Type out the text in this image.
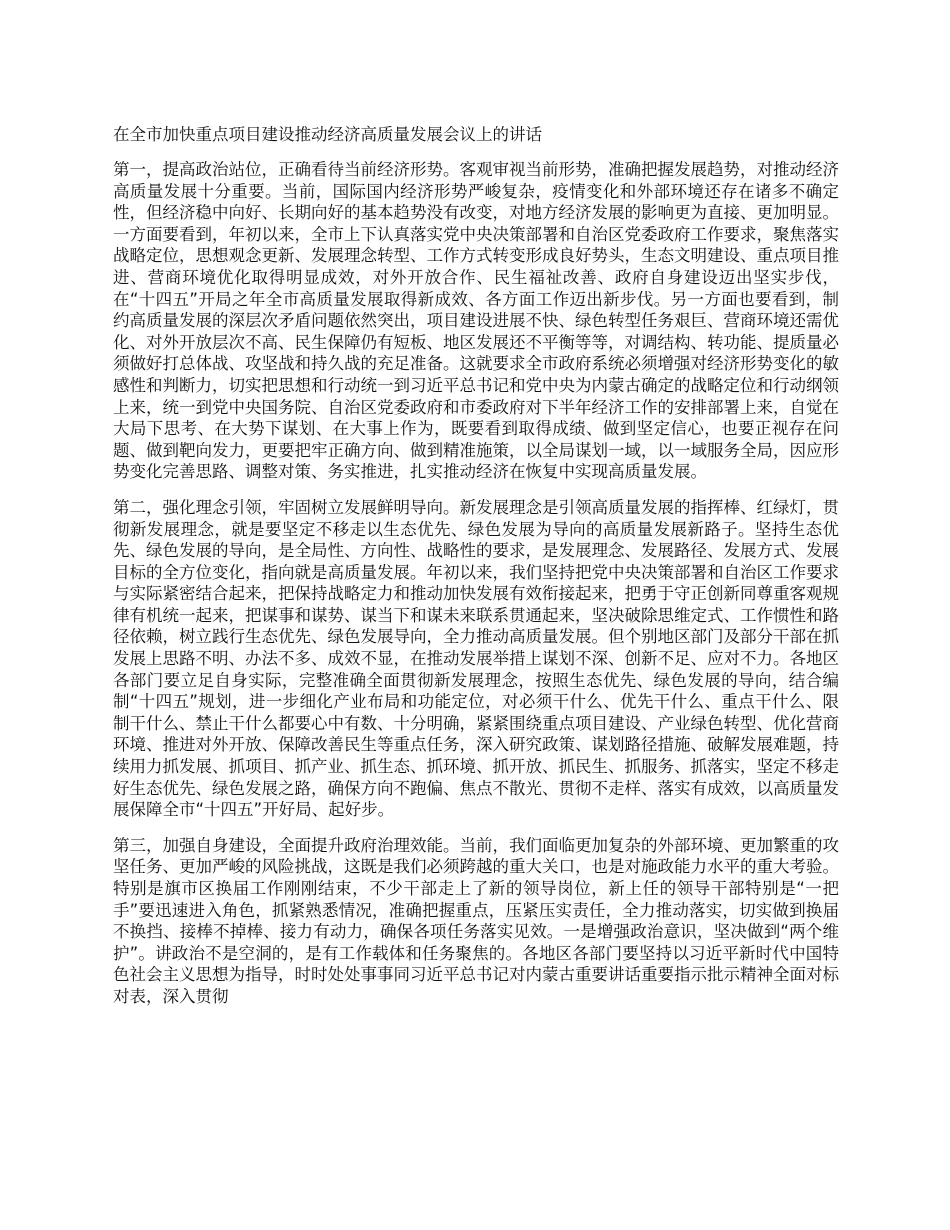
在全市加快重点项目建设推动经济高质量发展会议上的讲话

第一，提高政治站位，正确看待当前经济形势。客观审视当前形势，准确把握发展趋势，对推动经济高质量发展十分重要。当前，国际国内经济形势严峻复杂，疫情变化和外部环境还存在诸多不确定性，但经济稳中向好、长期向好的基本趋势没有改变，对地方经济发展的影响更为直接、更加明显。一方面要看到，年初以来，全市上下认真落实党中央决策部署和自治区党委政府工作要求，聚焦落实战略定位，思想观念更新、发展理念转型、工作方式转变形成良好势头，生态文明建设、重点项目推进、营商环境优化取得明显成效，对外开放合作、民生福祉改善、政府自身建设迈出坚实步伐，在“十四五”开局之年全市高质量发展取得新成效、各方面工作迈出新步伐。另一方面也要看到，制约高质量发展的深层次矛盾问题依然突出，项目建设进展不快、绿色转型任务艰巨、营商环境还需优化、对外开放层次不高、民生保障仍有短板、地区发展还不平衡等等，对调结构、转功能、提质量必须做好打总体战、攻坚战和持久战的充足准备。这就要求全市政府系统必须增强对经济形势变化的敏感性和判断力，切实把思想和行动统一到习近平总书记和党中央为内蒙古确定的战略定位和行动纲领上来，统一到党中央国务院、自治区党委政府和市委政府对下半年经济工作的安排部署上来，自觉在大局下思考、在大势下谋划、在大事上作为，既要看到取得成绩、做到坚定信心，也要正视存在问题、做到靶向发力，更要把牢正确方向、做到精准施策，以全局谋划一域，以一域服务全局，因应形势变化完善思路、调整对策、务实推进，扎实推动经济在恢复中实现高质量发展。

第二，强化理念引领，牢固树立发展鲜明导向。新发展理念是引领高质量发展的指挥棒、红绿灯，贯彻新发展理念，就是要坚定不移走以生态优先、绿色发展为导向的高质量发展新路子。坚持生态优先、绿色发展的导向，是全局性、方向性、战略性的要求，是发展理念、发展路径、发展方式、发展目标的全方位变化，指向就是高质量发展。年初以来，我们坚持把党中央决策部署和自治区工作要求与实际紧密结合起来，把保持战略定力和推动加快发展有效衔接起来，把勇于守正创新同尊重客观规律有机统一起来，把谋事和谋势、谋当下和谋未来联系贯通起来，坚决破除思维定式、工作惯性和路径依赖，树立践行生态优先、绿色发展导向，全力推动高质量发展。但个别地区部门及部分干部在抓发展上思路不明、办法不多、成效不显，在推动发展举措上谋划不深、创新不足、应对不力。各地区各部门要立足自身实际，完整准确全面贯彻新发展理念，按照生态优先、绿色发展的导向，结合编制“十四五”规划，进一步细化产业布局和功能定位，对必须干什么、优先干什么、重点干什么、限制干什么、禁止干什么都要心中有数、十分明确，紧紧围绕重点项目建设、产业绿色转型、优化营商环境、推进对外开放、保障改善民生等重点任务，深入研究政策、谋划路径措施、破解发展难题，持续用力抓发展、抓项目、抓产业、抓生态、抓环境、抓开放、抓民生、抓服务、抓落实，坚定不移走好生态优先、绿色发展之路，确保方向不跑偏、焦点不散光、贯彻不走样、落实有成效，以高质量发展保障全市“十四五”开好局、起好步。

第三，加强自身建设，全面提升政府治理效能。当前，我们面临更加复杂的外部环境、更加繁重的攻坚任务、更加严峻的风险挑战，这既是我们必须跨越的重大关口，也是对施政能力水平的重大考验。特别是旗市区换届工作刚刚结束，不少干部走上了新的领导岗位，新上任的领导干部特别是“一把手”要迅速进入角色，抓紧熟悉情况，准确把握重点，压紧压实责任，全力推动落实，切实做到换届不换挡、接棒不掉棒、接力有动力，确保各项任务落实见效。一是增强政治意识，坚决做到“两个维护”。讲政治不是空洞的，是有工作载体和任务聚焦的。各地区各部门要坚持以习近平新时代中国特色社会主义思想为指导，时时处处事事同习近平总书记对内蒙古重要讲话重要指示批示精神全面对标对表，深入贯彻
